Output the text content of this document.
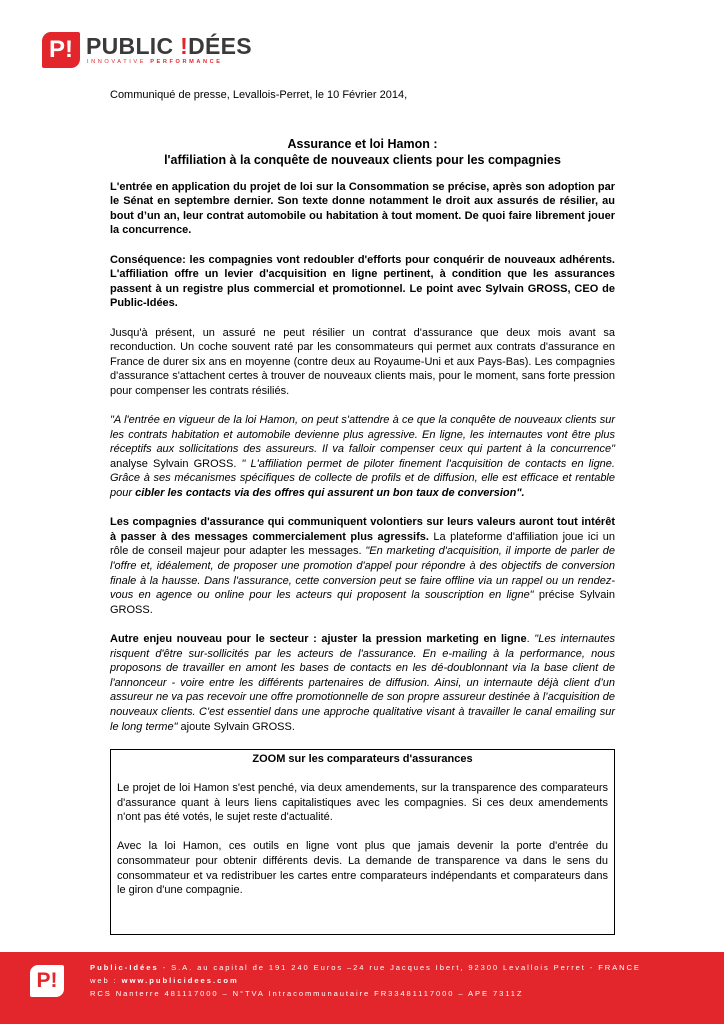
P! PUBLIC !DÉES
INNOVATIVE PERFORMANCE

Communiqué de presse, Levallois-Perret, le 10 Février 2014,

Assurance et loi Hamon :
l'affiliation à la conquête de nouveaux clients pour les compagnies

L'entrée en application du projet de loi sur la Consommation se précise, après son adoption par le Sénat en septembre dernier. Son texte donne notamment le droit aux assurés de résilier, au bout d’un an, leur contrat automobile ou habitation à tout moment. De quoi faire librement jouer la concurrence.

Conséquence: les compagnies vont redoubler d'efforts pour conquérir de nouveaux adhérents. L'affiliation offre un levier d'acquisition en ligne pertinent, à condition que les assurances passent à un registre plus commercial et promotionnel. Le point avec Sylvain GROSS, CEO de Public-Idées.

Jusqu'à présent, un assuré ne peut résilier un contrat d'assurance que deux mois avant sa reconduction. Un coche souvent raté par les consommateurs qui permet aux contrats d'assurance en France de durer six ans en moyenne (contre deux au Royaume-Uni et aux Pays-Bas). Les compagnies d'assurance s'attachent certes à trouver de nouveaux clients mais, pour le moment, sans forte pression pour compenser les contrats résiliés.

"A l'entrée en vigueur de la loi Hamon, on peut s'attendre à ce que la conquête de nouveaux clients sur les contrats habitation et automobile devienne plus agressive. En ligne, les internautes vont être plus réceptifs aux sollicitations des assureurs. Il va falloir compenser ceux qui partent à la concurrence" analyse Sylvain GROSS. " L'affiliation permet de piloter finement l'acquisition de contacts en ligne. Grâce à ses mécanismes spécifiques de collecte de profils et de diffusion, elle est efficace et rentable pour cibler les contacts via des offres qui assurent un bon taux de conversion".

Les compagnies d'assurance qui communiquent volontiers sur leurs valeurs auront tout intérêt à passer à des messages commercialement plus agressifs. La plateforme d'affiliation joue ici un rôle de conseil majeur pour adapter les messages. "En marketing d'acquisition, il importe de parler de l'offre et, idéalement, de proposer une promotion d'appel pour répondre à des objectifs de conversion finale à la hausse. Dans l'assurance, cette conversion peut se faire offline via un rappel ou un rendez-vous en agence ou online pour les acteurs qui proposent la souscription en ligne" précise Sylvain GROSS.

Autre enjeu nouveau pour le secteur : ajuster la pression marketing en ligne. "Les internautes risquent d'être sur-sollicités par les acteurs de l'assurance. En e-mailing à la performance, nous proposons de travailler en amont les bases de contacts en les dé-doublonnant via la base client de l'annonceur - voire entre les différents partenaires de diffusion. Ainsi, un internaute déjà client d’un assureur ne va pas recevoir une offre promotionnelle de son propre assureur destinée à l’acquisition de nouveaux clients. C'est essentiel dans une approche qualitative visant à travailler le canal emailing sur le long terme" ajoute Sylvain GROSS.

ZOOM sur les comparateurs d'assurances

Le projet de loi Hamon s'est penché, via deux amendements, sur la transparence des comparateurs d'assurance quant à leurs liens capitalistiques avec les compagnies. Si ces deux amendements n'ont pas été votés, le sujet reste d'actualité.

Avec la loi Hamon, ces outils en ligne vont plus que jamais devenir la porte d'entrée du consommateur pour obtenir différents devis. La demande de transparence va dans le sens du consommateur et va redistribuer les cartes entre comparateurs indépendants et comparateurs dans le giron d'une compagnie.

P!
Public-Idées - S.A. au capital de 191 240 Euros –24 rue Jacques Ibert, 92300 Levallois Perret - FRANCE
web : www.publicidees.com
RCS Nanterre 481117000 – N°TVA Intracommunautaire FR33481117000 – APE 7311Z
